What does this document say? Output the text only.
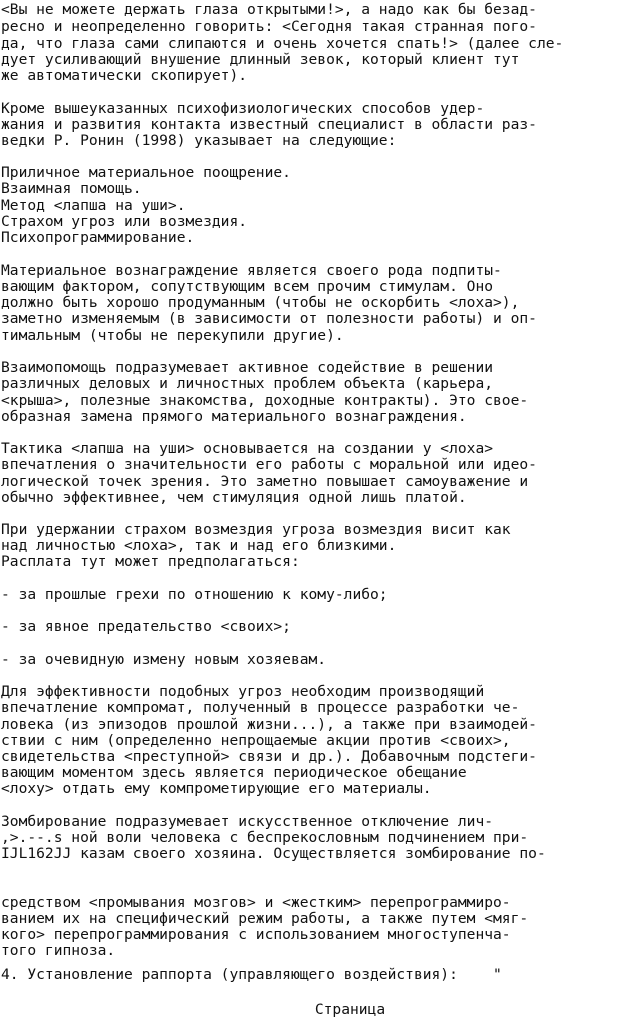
<Вы не можете держать глаза открытыми!>, а надо как бы безад-
ресно и неопределенно говорить: <Сегодня такая странная пого-
да, что глаза сами слипаются и очень хочется спать!> (далее сле-
дует усиливающий внушение длинный зевок, который клиент тут
же автоматически скопирует).
Кроме вышеуказанных психофизиологических способов удер-
жания и развития контакта известный специалист в области раз-
ведки Р. Ронин (1998) указывает на следующие:
Приличное материальное поощрение.
Взаимная помощь.
Метод <лапша на уши>.
Страхом угроз или возмездия.
Психопрограммирование.
Материальное вознаграждение является своего рода подпиты-
вающим фактором, сопутствующим всем прочим стимулам. Оно
должно быть хорошо продуманным (чтобы не оскорбить <лоха>),
заметно изменяемым (в зависимости от полезности работы) и оп-
тимальным (чтобы не перекупили другие).
Взаимопомощь подразумевает активное содействие в решении
различных деловых и личностных проблем объекта (карьера,
<крыша>, полезные знакомства, доходные контракты). Это свое-
образная замена прямого материального вознаграждения.
Тактика <лапша на уши> основывается на создании у <лоха>
впечатления о значительности его работы с моральной или идео-
логической точек зрения. Это заметно повышает самоуважение и
обычно эффективнее, чем стимуляция одной лишь платой.
При удержании страхом возмездия угроза возмездия висит как
над личностью <лоха>, так и над его близкими.
Расплата тут может предполагаться:
- за прошлые грехи по отношению к кому-либо;
- за явное предательство <своих>;
- за очевидную измену новым хозяевам.
Для эффективности подобных угроз необходим производящий
впечатление компромат, полученный в процессе разработки че-
ловека (из эпизодов прошлой жизни...), а также при взаимодей-
ствии с ним (определенно непрощаемые акции против <своих>,
свидетельства <преступной> связи и др.). Добавочным подстеги-
вающим моментом здесь является периодическое обещание
<лоху> отдать ему компрометирующие его материалы.
Зомбирование подразумевает искусственное отключение лич-
,>.--.s ной воли человека с беспрекословным подчинением при-
IJL162JJ казам своего хозяина. Осуществляется зомбирование по-
средством <промывания мозгов> и <жестким> перепрограммиро-
ванием их на специфический режим работы, а также путем <мяг-
кого> перепрограммирования с использованием многоступенча-
того гипноза.
4. Установление раппорта (управляющего воздействия):    "
Страница
